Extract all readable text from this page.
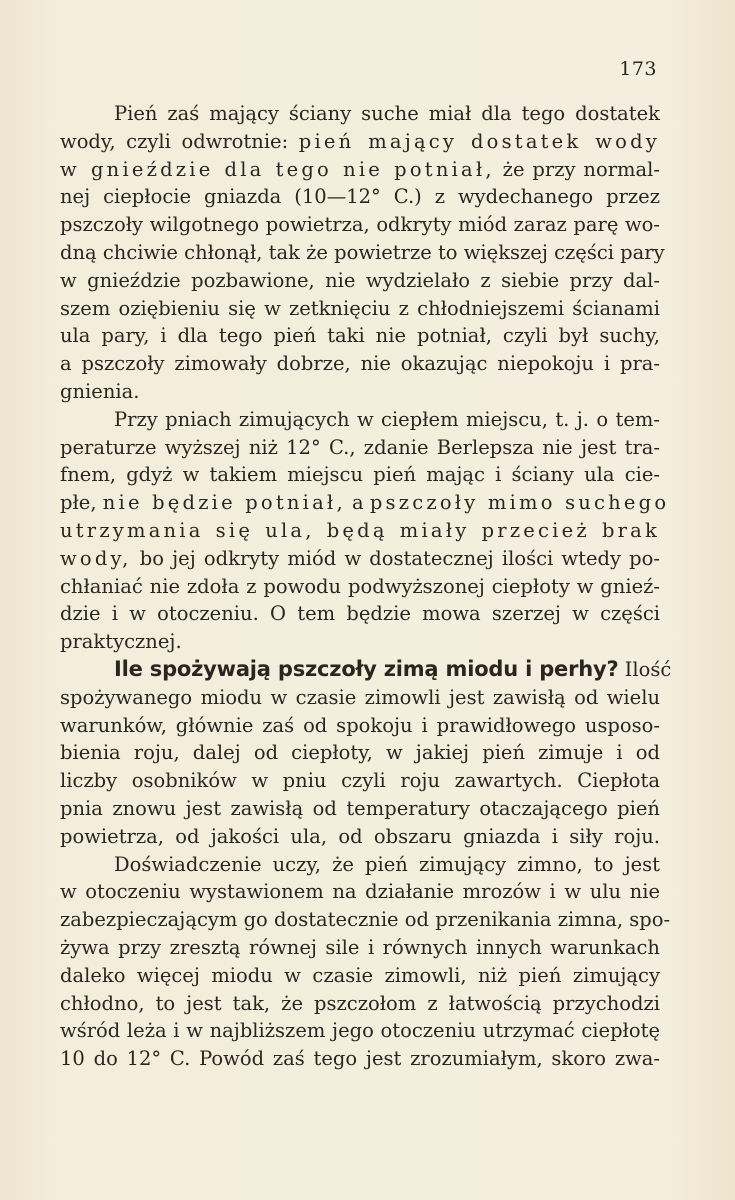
173
Pień zaś mający ściany suche miał dla tego dostatek
wody, czyli odwrotnie: pień mający dostatek wody
w gnieździe dla tego nie potniał, że przy normal-
nej ciepłocie gniazda (10—12° C.) z wydechanego przez
pszczoły wilgotnego powietrza, odkryty miód zaraz parę wo-
dną chciwie chłonął, tak że powietrze to większej części pary
w gnieździe pozbawione, nie wydzielało z siebie przy dal-
szem oziębieniu się w zetknięciu z chłodniejszemi ścianami
ula pary, i dla tego pień taki nie potniał, czyli był suchy,
a pszczoły zimowały dobrze, nie okazując niepokoju i pra-
gnienia.
Przy pniach zimujących w ciepłem miejscu, t. j. o tem-
peraturze wyższej niż 12° C., zdanie Berlepsza nie jest tra-
fnem, gdyż w takiem miejscu pień mając i ściany ula cie-
płe, nie będzie potniał, a pszczoły mimo suchego
utrzymania się ula, będą miały przecież brak
wody, bo jej odkryty miód w dostatecznej ilości wtedy po-
chłaniać nie zdoła z powodu podwyższonej ciepłoty w gnieź-
dzie i w otoczeniu. O tem będzie mowa szerzej w części
praktycznej.
Ile spożywają pszczoły zimą miodu i perhy? Ilość
spożywanego miodu w czasie zimowli jest zawisłą od wielu
warunków, głównie zaś od spokoju i prawidłowego usposo-
bienia roju, dalej od ciepłoty, w jakiej pień zimuje i od
liczby osobników w pniu czyli roju zawartych. Ciepłota
pnia znowu jest zawisłą od temperatury otaczającego pień
powietrza, od jakości ula, od obszaru gniazda i siły roju.
Doświadczenie uczy, że pień zimujący zimno, to jest
w otoczeniu wystawionem na działanie mrozów i w ulu nie
zabezpieczającym go dostatecznie od przenikania zimna, spo-
żywa przy zresztą równej sile i równych innych warunkach
daleko więcej miodu w czasie zimowli, niż pień zimujący
chłodno, to jest tak, że pszczołom z łatwością przychodzi
wśród leża i w najbliższem jego otoczeniu utrzymać ciepłotę
10 do 12° C. Powód zaś tego jest zrozumiałym, skoro zwa-
